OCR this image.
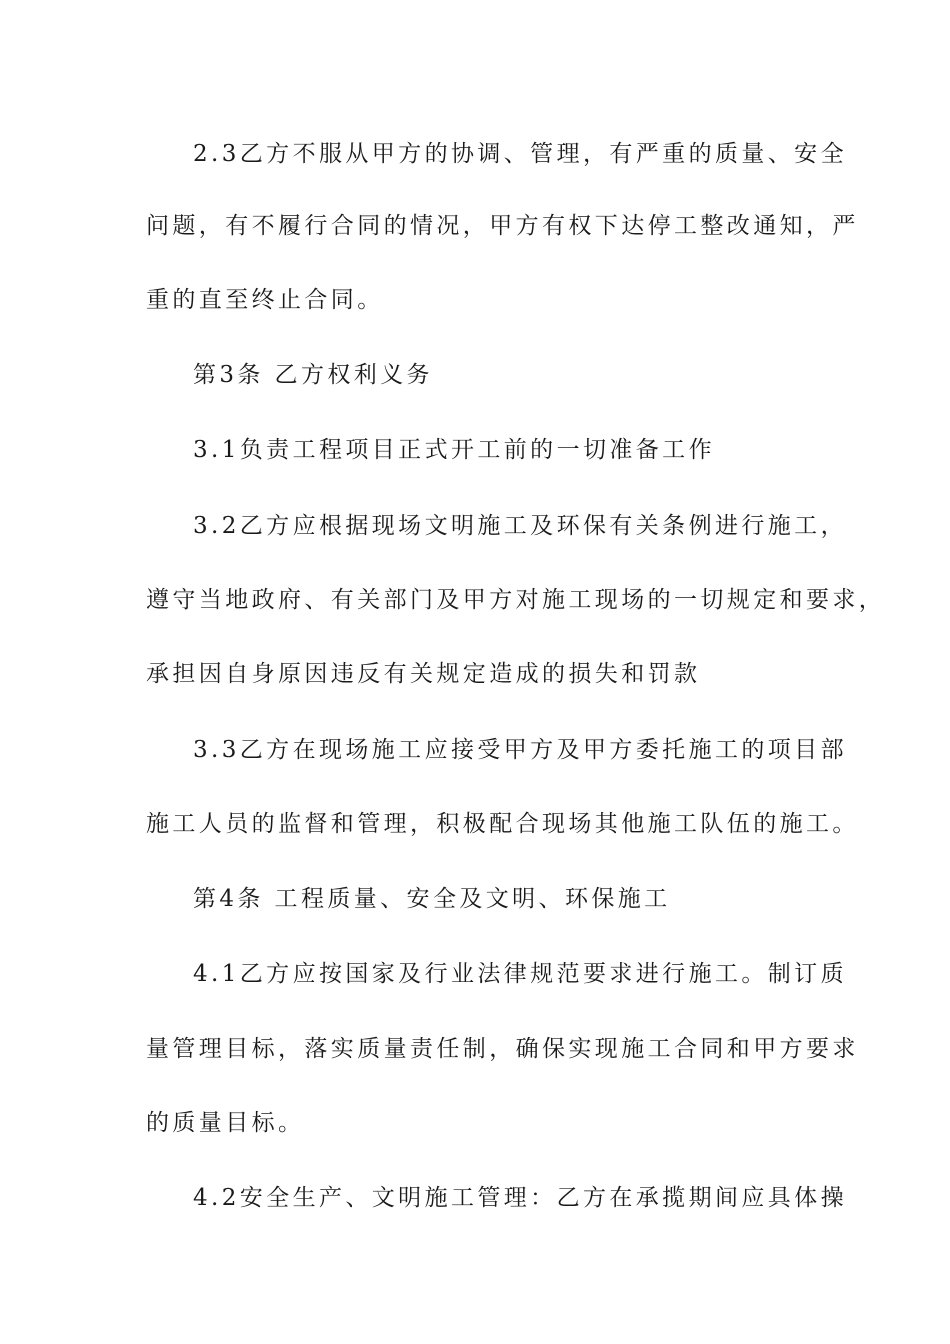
2.3乙方不服从甲方的协调、管理，有严重的质量、安全
问题，有不履行合同的情况，甲方有权下达停工整改通知，严
重的直至终止合同。
第3条 乙方权利义务
3.1负责工程项目正式开工前的一切准备工作
3.2乙方应根据现场文明施工及环保有关条例进行施工，
遵守当地政府、有关部门及甲方对施工现场的一切规定和要求，
承担因自身原因违反有关规定造成的损失和罚款
3.3乙方在现场施工应接受甲方及甲方委托施工的项目部
施工人员的监督和管理，积极配合现场其他施工队伍的施工。
第4条 工程质量、安全及文明、环保施工
4.1乙方应按国家及行业法律规范要求进行施工。制订质
量管理目标，落实质量责任制，确保实现施工合同和甲方要求
的质量目标。
4.2安全生产、文明施工管理：乙方在承揽期间应具体操
